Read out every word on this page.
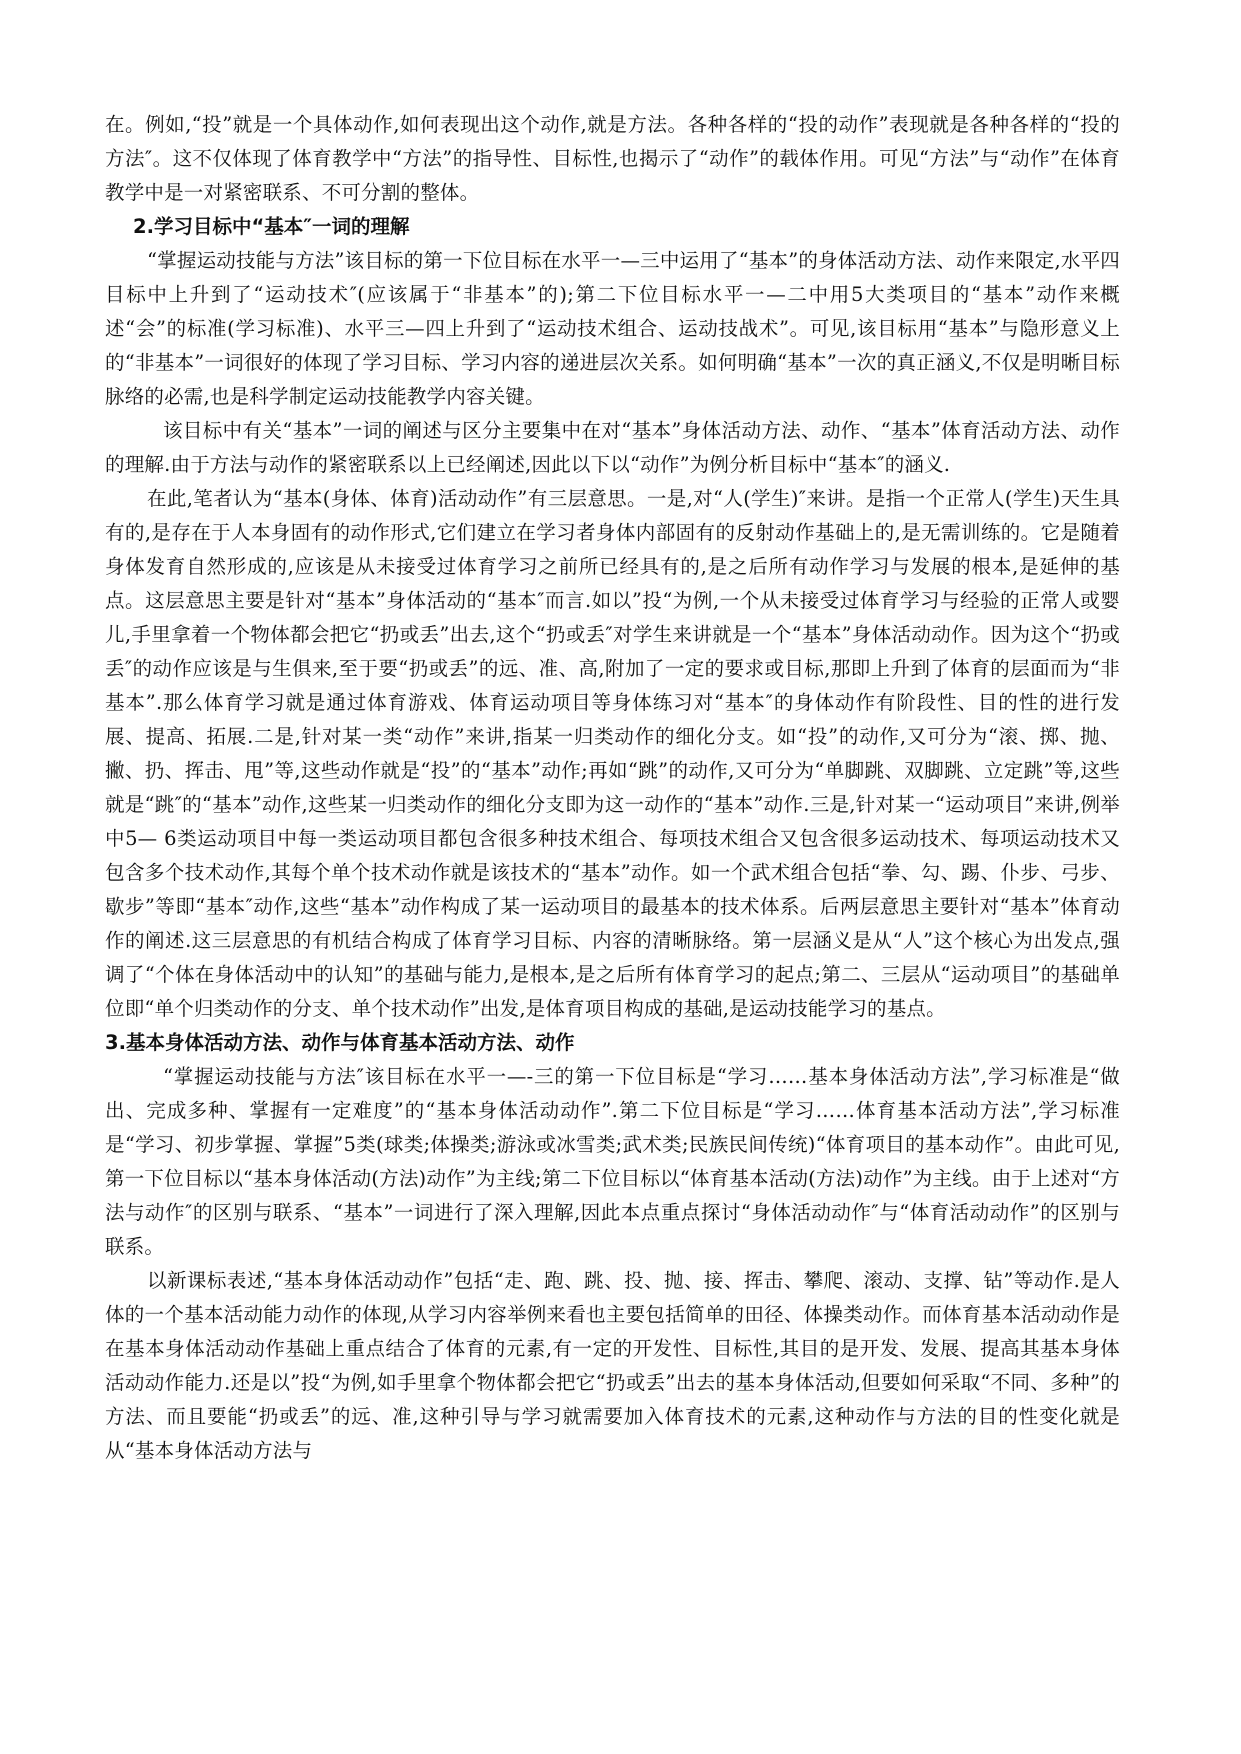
在。例如,“投”就是一个具体动作,如何表现出这个动作,就是方法。各种各样的“投的动作”表现就是各种各样的“投的方法″。这不仅体现了体育教学中“方法”的指导性、目标性,也揭示了“动作”的载体作用。可见“方法”与“动作”在体育教学中是一对紧密联系、不可分割的整体。

2.学习目标中“基本″一词的理解

“掌握运动技能与方法”该目标的第一下位目标在水平一—三中运用了“基本”的身体活动方法、动作来限定,水平四目标中上升到了“运动技术″(应该属于“非基本”的);第二下位目标水平一—二中用5大类项目的“基本”动作来概述“会”的标准(学习标准)、水平三—四上升到了“运动技术组合、运动技战术”。可见,该目标用“基本”与隐形意义上的“非基本”一词很好的体现了学习目标、学习内容的递进层次关系。如何明确“基本”一次的真正涵义,不仅是明晰目标脉络的必需,也是科学制定运动技能教学内容关键。

该目标中有关“基本”一词的阐述与区分主要集中在对“基本”身体活动方法、动作、“基本”体育活动方法、动作的理解.由于方法与动作的紧密联系以上已经阐述,因此以下以“动作”为例分析目标中“基本″的涵义.

在此,笔者认为“基本(身体、体育)活动动作”有三层意思。一是,对“人(学生)″来讲。是指一个正常人(学生)天生具有的,是存在于人本身固有的动作形式,它们建立在学习者身体内部固有的反射动作基础上的,是无需训练的。它是随着身体发育自然形成的,应该是从未接受过体育学习之前所已经具有的,是之后所有动作学习与发展的根本,是延伸的基点。这层意思主要是针对“基本”身体活动的“基本″而言.如以”投“为例,一个从未接受过体育学习与经验的正常人或婴儿,手里拿着一个物体都会把它“扔或丢”出去,这个“扔或丢″对学生来讲就是一个“基本”身体活动动作。因为这个“扔或丢″的动作应该是与生俱来,至于要“扔或丢”的远、准、高,附加了一定的要求或目标,那即上升到了体育的层面而为“非基本”.那么体育学习就是通过体育游戏、体育运动项目等身体练习对“基本″的身体动作有阶段性、目的性的进行发展、提高、拓展.二是,针对某一类“动作”来讲,指某一归类动作的细化分支。如“投”的动作,又可分为“滚、掷、抛、撇、扔、挥击、甩”等,这些动作就是“投”的“基本”动作;再如“跳”的动作,又可分为“单脚跳、双脚跳、立定跳”等,这些就是“跳″的“基本”动作,这些某一归类动作的细化分支即为这一动作的“基本”动作.三是,针对某一“运动项目”来讲,例举中5— 6类运动项目中每一类运动项目都包含很多种技术组合、每项技术组合又包含很多运动技术、每项运动技术又包含多个技术动作,其每个单个技术动作就是该技术的“基本”动作。如一个武术组合包括“拳、勾、踢、仆步、弓步、歇步”等即“基本″动作,这些“基本”动作构成了某一运动项目的最基本的技术体系。后两层意思主要针对“基本”体育动作的阐述.这三层意思的有机结合构成了体育学习目标、内容的清晰脉络。第一层涵义是从“人”这个核心为出发点,强调了“个体在身体活动中的认知”的基础与能力,是根本,是之后所有体育学习的起点;第二、三层从“运动项目”的基础单位即“单个归类动作的分支、单个技术动作”出发,是体育项目构成的基础,是运动技能学习的基点。

3.基本身体活动方法、动作与体育基本活动方法、动作

“掌握运动技能与方法″该目标在水平一—-三的第一下位目标是“学习……基本身体活动方法”,学习标准是“做出、完成多种、掌握有一定难度”的“基本身体活动动作”.第二下位目标是“学习……体育基本活动方法”,学习标准是“学习、初步掌握、掌握”5类(球类;体操类;游泳或冰雪类;武术类;民族民间传统)“体育项目的基本动作”。由此可见,第一下位目标以“基本身体活动(方法)动作”为主线;第二下位目标以“体育基本活动(方法)动作”为主线。由于上述对“方法与动作″的区别与联系、“基本”一词进行了深入理解,因此本点重点探讨“身体活动动作″与“体育活动动作”的区别与联系。

以新课标表述,“基本身体活动动作”包括“走、跑、跳、投、抛、接、挥击、攀爬、滚动、支撑、钻”等动作.是人体的一个基本活动能力动作的体现,从学习内容举例来看也主要包括简单的田径、体操类动作。而体育基本活动动作是在基本身体活动动作基础上重点结合了体育的元素,有一定的开发性、目标性,其目的是开发、发展、提高其基本身体活动动作能力.还是以”投“为例,如手里拿个物体都会把它“扔或丢”出去的基本身体活动,但要如何采取“不同、多种”的方法、而且要能“扔或丢”的远、准,这种引导与学习就需要加入体育技术的元素,这种动作与方法的目的性变化就是从“基本身体活动方法与
